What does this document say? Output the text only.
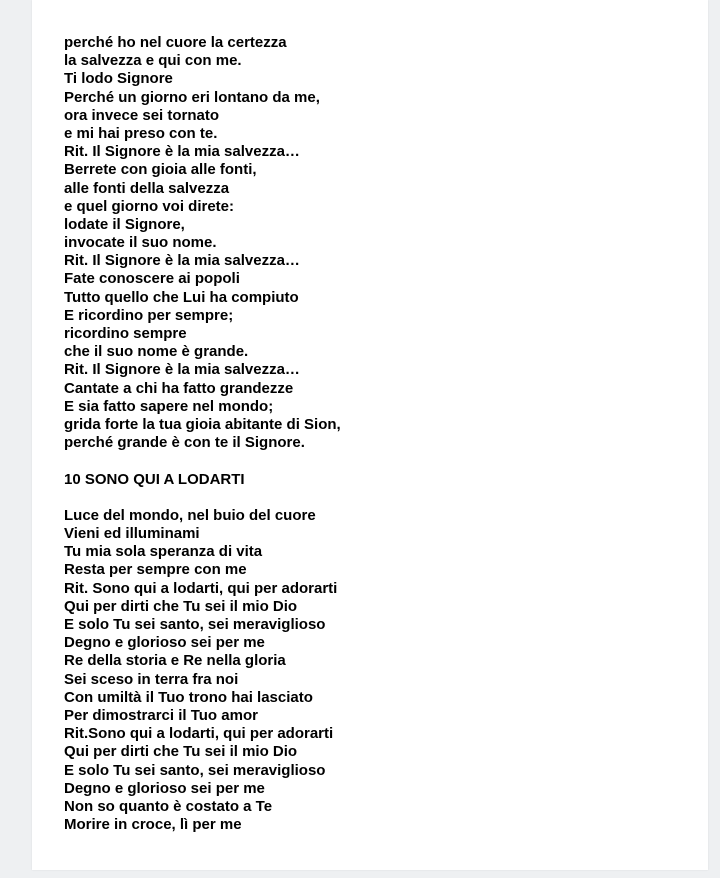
perché ho nel cuore la certezza
la salvezza e qui con me.
Ti lodo Signore
Perché un giorno eri lontano da me,
ora invece sei tornato
e mi hai preso con te.
Rit. Il Signore è la mia salvezza…
Berrete con gioia alle fonti,
alle fonti della salvezza
e quel giorno voi direte:
lodate il Signore,
invocate il suo nome.
Rit. Il Signore è la mia salvezza…
Fate conoscere ai popoli
Tutto quello che Lui ha compiuto
E ricordino per sempre;
ricordino sempre
che il suo nome è grande.
Rit. Il Signore è la mia salvezza…
Cantate a chi ha fatto grandezze
E sia fatto sapere nel mondo;
grida forte la tua gioia abitante di Sion,
perché grande è con te il Signore.
10 SONO QUI A LODARTI
Luce del mondo, nel buio del cuore
Vieni ed illuminami
Tu mia sola speranza di vita
Resta per sempre con me
Rit. Sono qui a lodarti, qui per adorarti
Qui per dirti che Tu sei il mio Dio
E solo Tu sei santo, sei meraviglioso
Degno e glorioso sei per me
Re della storia e Re nella gloria
Sei sceso in terra fra noi
Con umiltà il Tuo trono hai lasciato
Per dimostrarci il Tuo amor
Rit.Sono qui a lodarti, qui per adorarti
Qui per dirti che Tu sei il mio Dio
E solo Tu sei santo, sei meraviglioso
Degno e glorioso sei per me
Non so quanto è costato a Te
Morire in croce, lì per me
